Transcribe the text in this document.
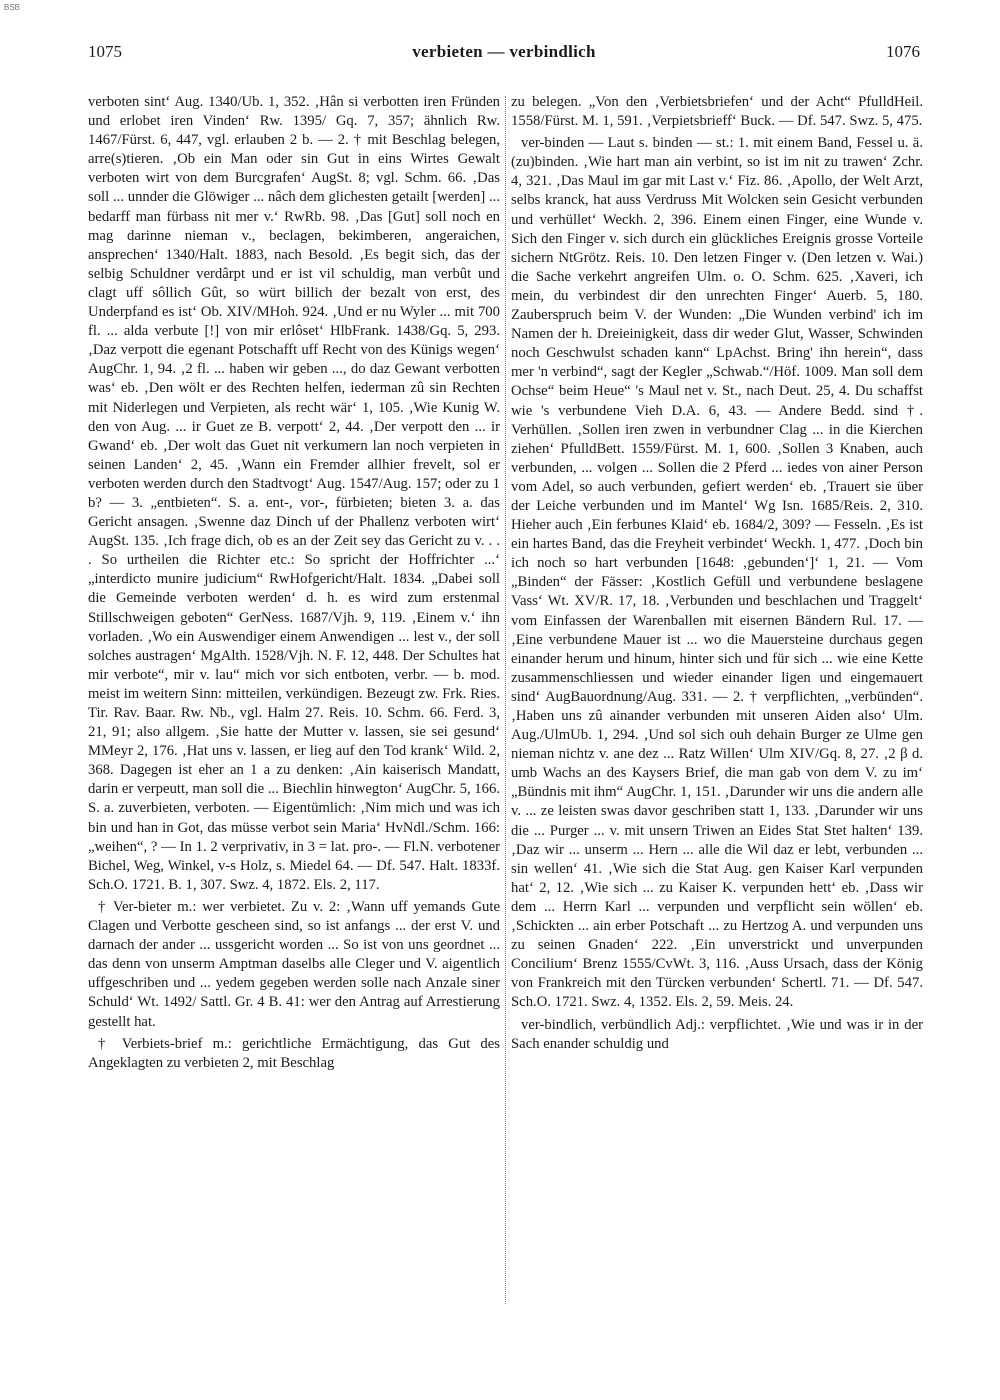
BSB
1075	verbieten — verbindlich	1076

verboten sint‘ Aug. 1340/Ub. 1, 352. ‚Hân si verbotten iren Fründen und erlobet iren Vinden‘ Rw. 1395/ Gq. 7, 357; ähnlich Rw. 1467/Fürst. 6, 447, vgl. erlauben 2 b. — 2. † mit Beschlag belegen, arre(s)tieren. ‚Ob ein Man oder sin Gut in eins Wirtes Gewalt verboten wirt von dem Burcgrafen‘ AugSt. 8; vgl. Schm. 66. ‚Das soll ... unnder die Glöwiger ... nâch dem glichesten getailt [werden] ... bedarff man fürbass nit mer v.‘ RwRb. 98. ‚Das [Gut] soll noch en mag darinne nieman v., beclagen, bekimberen, angeraichen, ansprechen‘ 1340/Halt. 1883, nach Besold. ‚Es begit sich, das der selbig Schuldner verdârpt und er ist vil schuldig, man verbût und clagt uff sôllich Gût, so würt billich der bezalt von erst, des Underpfand es ist‘ Ob. XIV/MHoh. 924. ‚Und er nu Wyler ... mit 700 fl. ... alda verbute [!] von mir erlôset‘ HlbFrank. 1438/Gq. 5, 293. ‚Daz verpott die egenant Potschafft uff Recht von des Künigs wegen‘ AugChr. 1, 94. ‚2 fl. ... haben wir geben ..., do daz Gewant verbotten was‘ eb. ‚Den wölt er des Rechten helfen, iederman zû sin Rechten mit Niderlegen und Verpieten, als recht wär‘ 1, 105. ‚Wie Kunig W. den von Aug. ... ir Guet ze B. verpott‘ 2, 44. ‚Der verpott den ... ir Gwand‘ eb. ‚Der wolt das Guet nit verkumern lan noch verpieten in seinen Landen‘ 2, 45. ‚Wann ein Fremder allhier frevelt, sol er verboten werden durch den Stadtvogt‘ Aug. 1547/Aug. 157; oder zu 1 b? — 3. „entbieten“. S. a. ent-, vor-, fürbieten; bieten 3. a. das Gericht ansagen. ‚Swenne daz Dinch uf der Phallenz verboten wirt‘ AugSt. 135. ‚Ich frage dich, ob es an der Zeit sey das Gericht zu v. . . . So urtheilen die Richter etc.: So spricht der Hoffrichter ...‘ „interdicto munire judicium“ RwHofgericht/Halt. 1834. „Dabei soll die Gemeinde verboten werden‘ d. h. es wird zum erstenmal Stillschweigen geboten“ GerNess. 1687/Vjh. 9, 119. ‚Einem v.‘ ihn vorladen. ‚Wo ein Auswendiger einem Anwendigen ... lest v., der soll solches austragen‘ MgAlth. 1528/Vjh. N. F. 12, 448. Der Schultes hat mir verbote“, mir v. lau“ mich vor sich entboten, verbr. — b. mod. meist im weitern Sinn: mitteilen, verkündigen. Bezeugt zw. Frk. Ries. Tir. Rav. Baar. Rw. Nb., vgl. Halm 27. Reis. 10. Schm. 66. Ferd. 3, 21, 91; also allgem. ‚Sie hatte der Mutter v. lassen, sie sei gesund‘ MMeyr 2, 176. ‚Hat uns v. lassen, er lieg auf den Tod krank‘ Wild. 2, 368. Dagegen ist eher an 1 a zu denken: ‚Ain kaiserisch Mandatt, darin er verpeutt, man soll die ... Biechlin hinwegton‘ AugChr. 5, 166. S. a. zuverbieten, verboten. — Eigentümlich: ‚Nim mich und was ich bin und han in Got, das müsse verbot sein Maria‘ HvNdl./Schm. 166: „weihen“, ? — In 1. 2 verprivativ, in 3 = lat. pro-. — Fl.N. verbotener Bichel, Weg, Winkel, v-s Holz, s. Miedel 64. — Df. 547. Halt. 1833f. Sch.O. 1721. B. 1, 307. Swz. 4, 1872. Els. 2, 117.

† Ver-bieter m.: wer verbietet. Zu v. 2: ‚Wann uff yemands Gute Clagen und Verbotte gescheen sind, so ist anfangs ... der erst V. und darnach der ander ... ussgericht worden ... So ist von uns geordnet ... das denn von unserm Amptman daselbs alle Cleger und V. aigentlich uffgeschriben und ... yedem gegeben werden solle nach Anzale siner Schuld‘ Wt. 1492/ Sattl. Gr. 4 B. 41: wer den Antrag auf Arrestierung gestellt hat.

† Verbiets-brief m.: gerichtliche Ermächtigung, das Gut des Angeklagten zu verbieten 2, mit Beschlag

zu belegen. „Von den ‚Verbietsbriefen‘ und der Acht“ PfulldHeil. 1558/Fürst. M. 1, 591. ‚Verpietsbrieff‘ Buck. — Df. 547. Swz. 5, 475.

ver-binden — Laut s. binden — st.: 1. mit einem Band, Fessel u. ä. (zu)binden. ‚Wie hart man ain verbint, so ist im nit zu trawen‘ Zchr. 4, 321. ‚Das Maul im gar mit Last v.‘ Fiz. 86. ‚Apollo, der Welt Arzt, selbs kranck, hat auss Verdruss Mit Wolcken sein Gesicht verbunden und verhüllet‘ Weckh. 2, 396. Einem einen Finger, eine Wunde v. Sich den Finger v. sich durch ein glückliches Ereignis grosse Vorteile sichern NtGrötz. Reis. 10. Den letzen Finger v. (Den letzen v. Wai.) die Sache verkehrt angreifen Ulm. o. O. Schm. 625. ‚Xaveri, ich mein, du verbindest dir den unrechten Finger‘ Auerb. 5, 180. Zauberspruch beim V. der Wunden: „Die Wunden verbind' ich im Namen der h. Dreieinigkeit, dass dir weder Glut, Wasser, Schwinden noch Geschwulst schaden kann“ LpAchst. Bring' ihn herein“, dass mer 'n verbind“, sagt der Kegler „Schwab.“/Höf. 1009. Man soll dem Ochse“ beim Heue“ 's Maul net v. St., nach Deut. 25, 4. Du schaffst wie 's verbundene Vieh D.A. 6, 43. — Andere Bedd. sind †. Verhüllen. ‚Sollen iren zwen in verbundner Clag ... in die Kierchen ziehen‘ PfulldBett. 1559/Fürst. M. 1, 600. ‚Sollen 3 Knaben, auch verbunden, ... volgen ... Sollen die 2 Pferd ... iedes von ainer Person vom Adel, so auch verbunden, gefiert werden‘ eb. ‚Trauert sie über der Leiche verbunden und im Mantel‘ Wg Isn. 1685/Reis. 2, 310. Hieher auch ‚Ein ferbunes Klaid‘ eb. 1684/2, 309? — Fesseln. ‚Es ist ein hartes Band, das die Freyheit verbindet‘ Weckh. 1, 477. ‚Doch bin ich noch so hart verbunden [1648: ‚gebunden‘]‘ 1, 21. — Vom „Binden“ der Fässer: ‚Kostlich Gefüll und verbundene beslagene Vass‘ Wt. XV/R. 17, 18. ‚Verbunden und beschlachen und Traggelt‘ vom Einfassen der Warenballen mit eisernen Bändern Rul. 17. — ‚Eine verbundene Mauer ist ... wo die Mauersteine durchaus gegen einander herum und hinum, hinter sich und für sich ... wie eine Kette zusammenschliessen und wieder einander ligen und eingemauert sind‘ AugBauordnung/Aug. 331. — 2. † verpflichten, „verbünden“. ‚Haben uns zû ainander verbunden mit unseren Aiden also‘ Ulm. Aug./UlmUb. 1, 294. ‚Und sol sich ouh dehain Burger ze Ulme gen nieman nichtz v. ane dez ... Ratz Willen‘ Ulm XIV/Gq. 8, 27. ‚2 β d. umb Wachs an des Kaysers Brief, die man gab von dem V. zu im‘ „Bündnis mit ihm“ AugChr. 1, 151. ‚Darunder wir uns die andern alle v. ... ze leisten swas davor geschriben statt 1, 133. ‚Darunder wir uns die ... Purger ... v. mit unsern Triwen an Eides Stat Stet halten‘ 139. ‚Daz wir ... unserm ... Hern ... alle die Wil daz er lebt, verbunden ... sin wellen‘ 41. ‚Wie sich die Stat Aug. gen Kaiser Karl verpunden hat‘ 2, 12. ‚Wie sich ... zu Kaiser K. verpunden hett‘ eb. ‚Dass wir dem ... Herrn Karl ... verpunden und verpflicht sein wöllen‘ eb. ‚Schickten ... ain erber Potschaft ... zu Hertzog A. und verpunden uns zu seinen Gnaden‘ 222. ‚Ein unverstrickt und unverpunden Concilium‘ Brenz 1555/CvWt. 3, 116. ‚Auss Ursach, dass der König von Frankreich mit den Türcken verbunden‘ Schertl. 71. — Df. 547. Sch.O. 1721. Swz. 4, 1352. Els. 2, 59. Meis. 24.

ver-bindlich, verbündlich Adj.: verpflichtet. ‚Wie und was ir in der Sach enander schuldig und
